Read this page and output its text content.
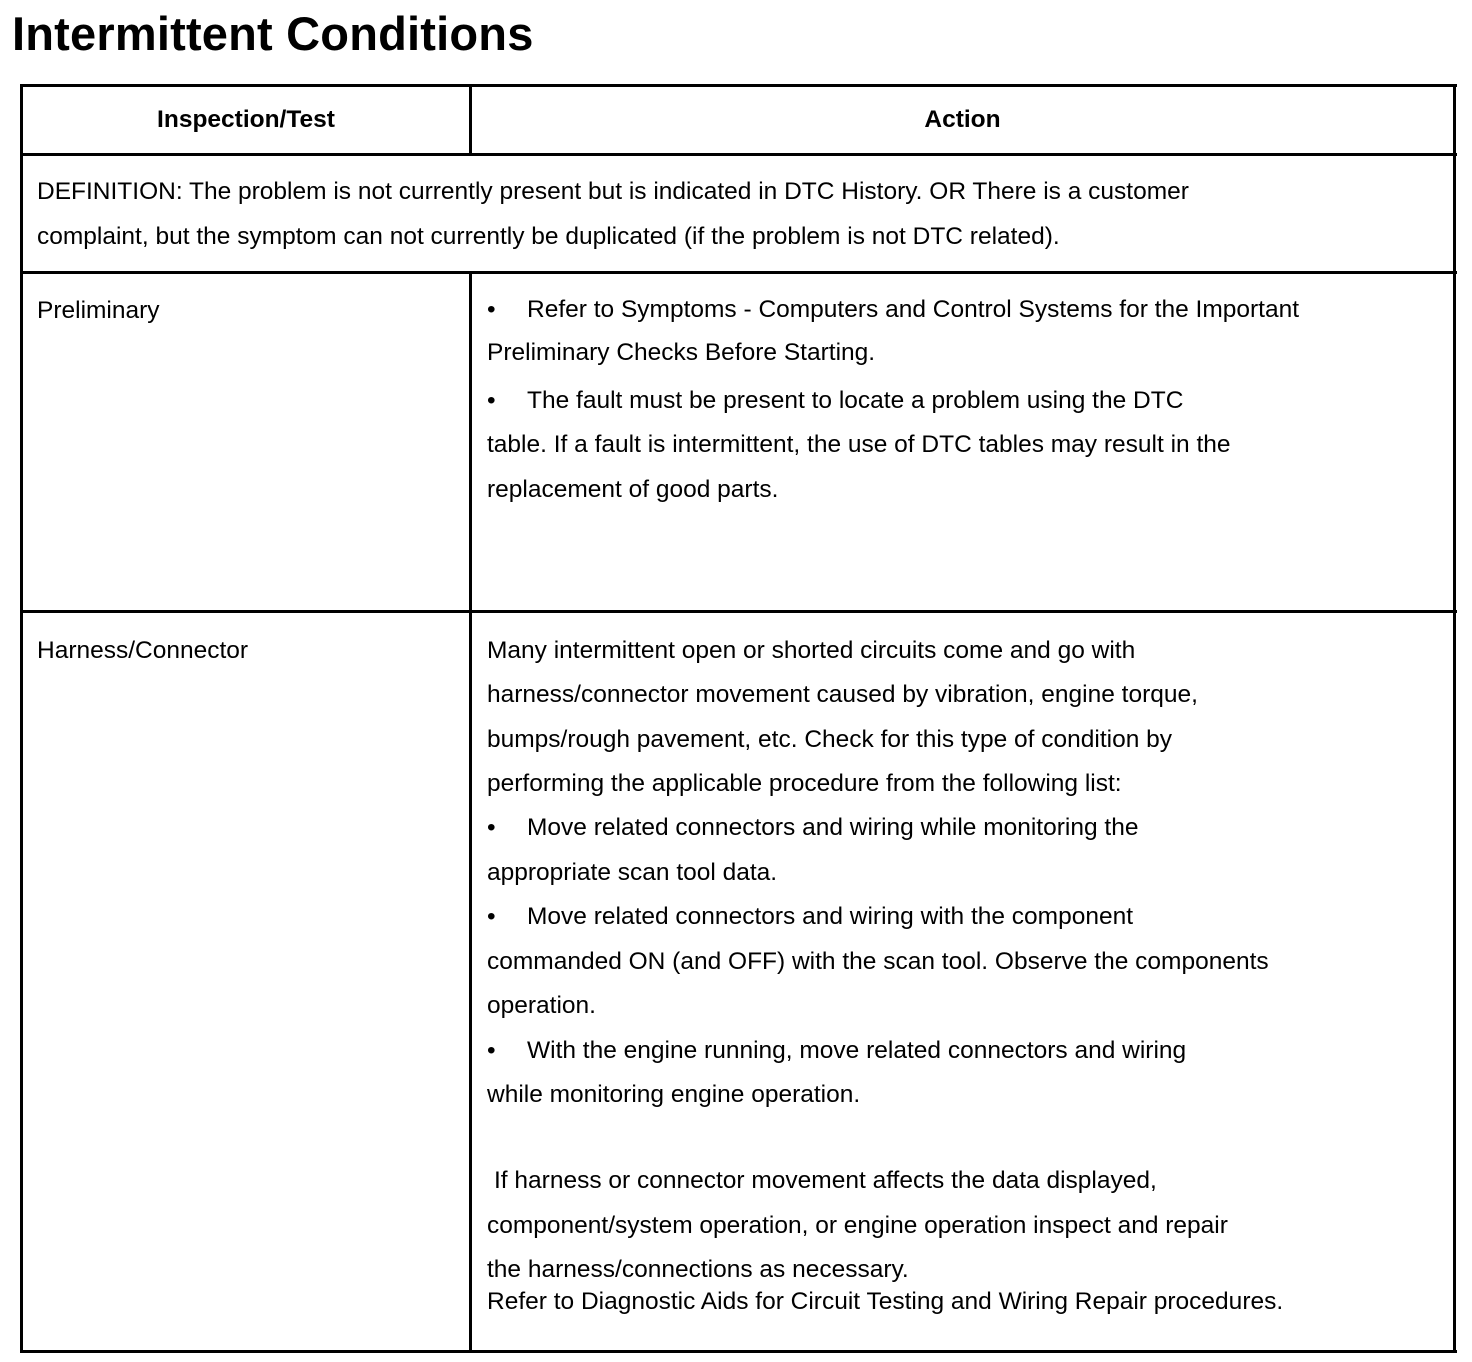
Intermittent Conditions
Inspection/Test	Action
DEFINITION: The problem is not currently present but is indicated in DTC History. OR There is a customer
complaint, but the symptom can not currently be duplicated (if the problem is not DTC related).
Preliminary	• Refer to Symptoms - Computers and Control Systems for the Important
Preliminary Checks Before Starting.
• The fault must be present to locate a problem using the DTC
table. If a fault is intermittent, the use of DTC tables may result in the
replacement of good parts.
Harness/Connector	Many intermittent open or shorted circuits come and go with
harness/connector movement caused by vibration, engine torque,
bumps/rough pavement, etc. Check for this type of condition by
performing the applicable procedure from the following list:
• Move related connectors and wiring while monitoring the
appropriate scan tool data.
• Move related connectors and wiring with the component
commanded ON (and OFF) with the scan tool. Observe the components
operation.
• With the engine running, move related connectors and wiring
while monitoring engine operation.
If harness or connector movement affects the data displayed,
component/system operation, or engine operation inspect and repair
the harness/connections as necessary.
Refer to Diagnostic Aids for Circuit Testing and Wiring Repair procedures.
